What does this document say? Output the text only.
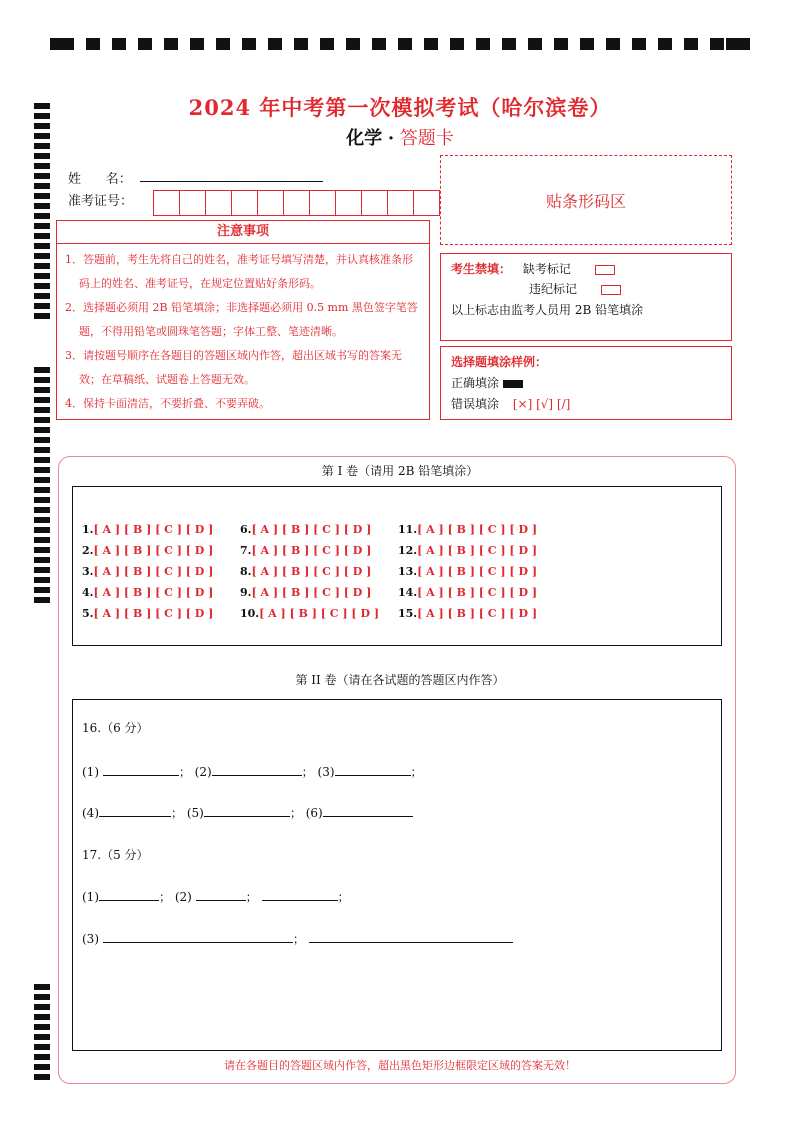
2024 年中考第一次模拟考试（哈尔滨卷）
化学 · 答题卡
姓      名：
准考证号：	贴条形码区
注意事项
1．答题前，考生先将自己的姓名，准考证号填写清楚，并认真核准条形码上的姓名、准考证号，在规定位置贴好条形码。
2．选择题必须用 2B 铅笔填涂；非选择题必须用 0.5 mm 黑色签字笔答题，不得用铅笔或圆珠笔答题；字体工整、笔迹清晰。
3．请按题号顺序在各题目的答题区域内作答，超出区域书写的答案无效；在草稿纸、试题卷上答题无效。
4．保持卡面清洁，不要折叠、不要弄破。
考生禁填： 缺考标记
违纪标记
以上标志由监考人员用 2B 铅笔填涂
选择题填涂样例：
正确填涂
错误填涂 [×] [√] [/]
第 I 卷（请用 2B 铅笔填涂）
1.[ A ] [ B ] [ C ] [ D ]
2.[ A ] [ B ] [ C ] [ D ]
3.[ A ] [ B ] [ C ] [ D ]
4.[ A ] [ B ] [ C ] [ D ]
5.[ A ] [ B ] [ C ] [ D ]
6.[ A ] [ B ] [ C ] [ D ]
7.[ A ] [ B ] [ C ] [ D ]
8.[ A ] [ B ] [ C ] [ D ]
9.[ A ] [ B ] [ C ] [ D ]
10.[ A ] [ B ] [ C ] [ D ]
11.[ A ] [ B ] [ C ] [ D ]
12.[ A ] [ B ] [ C ] [ D ]
13.[ A ] [ B ] [ C ] [ D ]
14.[ A ] [ B ] [ C ] [ D ]
15.[ A ] [ B ] [ C ] [ D ]
第 II 卷（请在各试题的答题区内作答）
16.（6 分）
(1)	； (2)	； (3)	；
(4)	； (5)	； (6)
17.（5 分）
(1)	； (2)	；	；
(3)	；
请在各题目的答题区域内作答，超出黑色矩形边框限定区域的答案无效！
